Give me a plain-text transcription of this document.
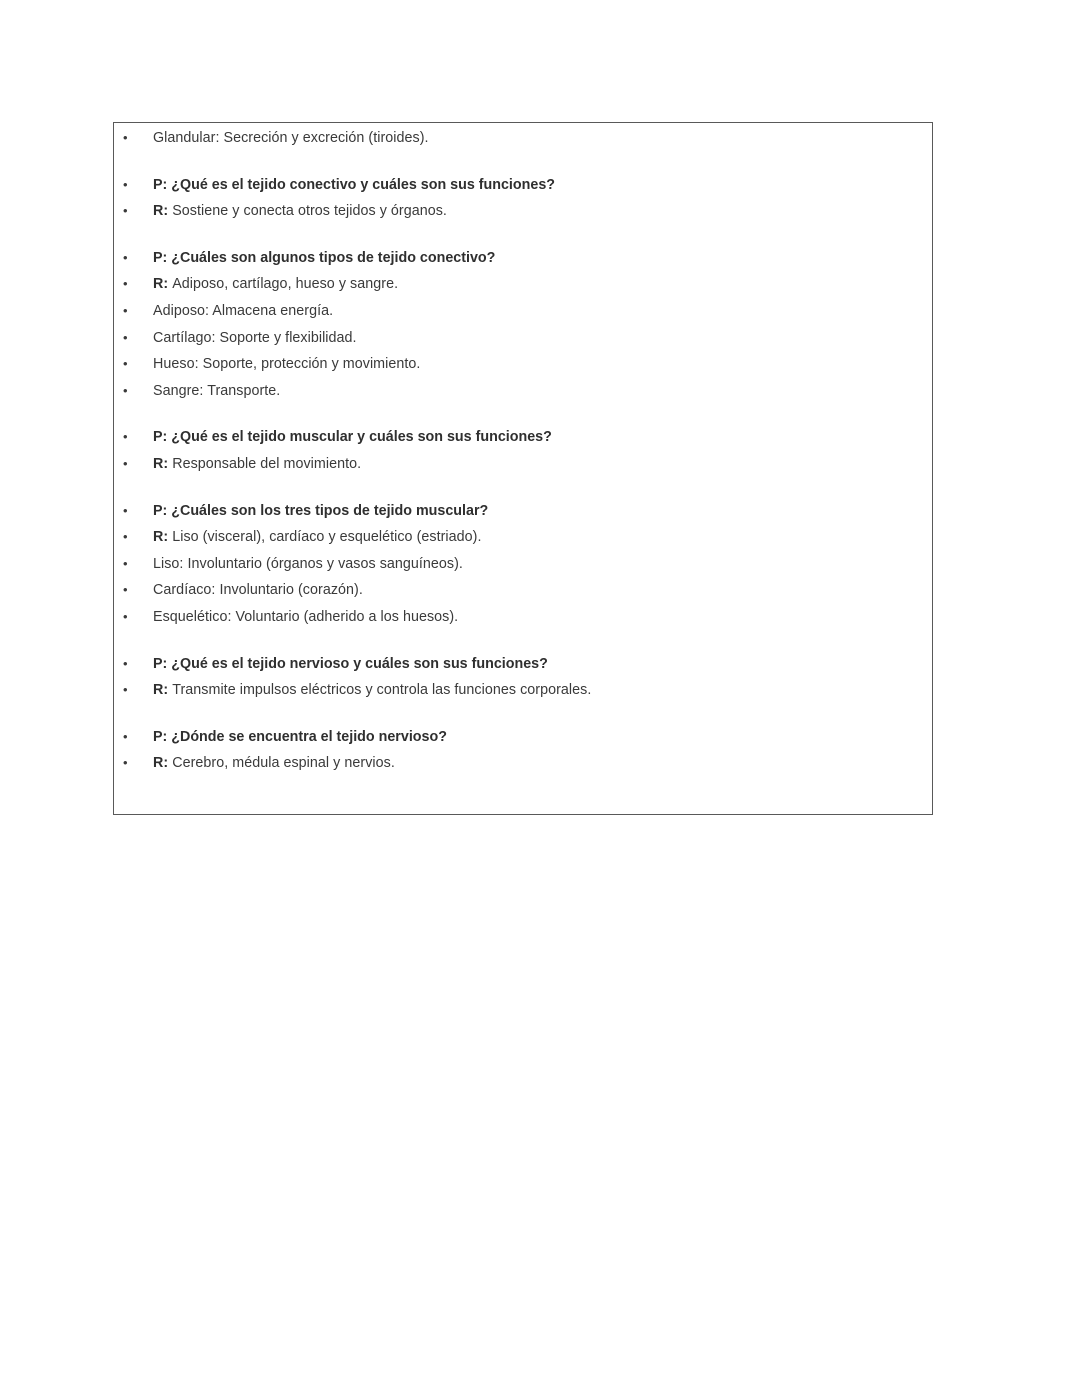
•	Glandular: Secreción y excreción (tiroides).
•	P: ¿Qué es el tejido conectivo y cuáles son sus funciones?
•	R: Sostiene y conecta otros tejidos y órganos.
•	P: ¿Cuáles son algunos tipos de tejido conectivo?
•	R: Adiposo, cartílago, hueso y sangre.
•	Adiposo: Almacena energía.
•	Cartílago: Soporte y flexibilidad.
•	Hueso: Soporte, protección y movimiento.
•	Sangre: Transporte.
•	P: ¿Qué es el tejido muscular y cuáles son sus funciones?
•	R: Responsable del movimiento.
•	P: ¿Cuáles son los tres tipos de tejido muscular?
•	R: Liso (visceral), cardíaco y esquelético (estriado).
•	Liso: Involuntario (órganos y vasos sanguíneos).
•	Cardíaco: Involuntario (corazón).
•	Esquelético: Voluntario (adherido a los huesos).
•	P: ¿Qué es el tejido nervioso y cuáles son sus funciones?
•	R: Transmite impulsos eléctricos y controla las funciones corporales.
•	P: ¿Dónde se encuentra el tejido nervioso?
•	R: Cerebro, médula espinal y nervios.
